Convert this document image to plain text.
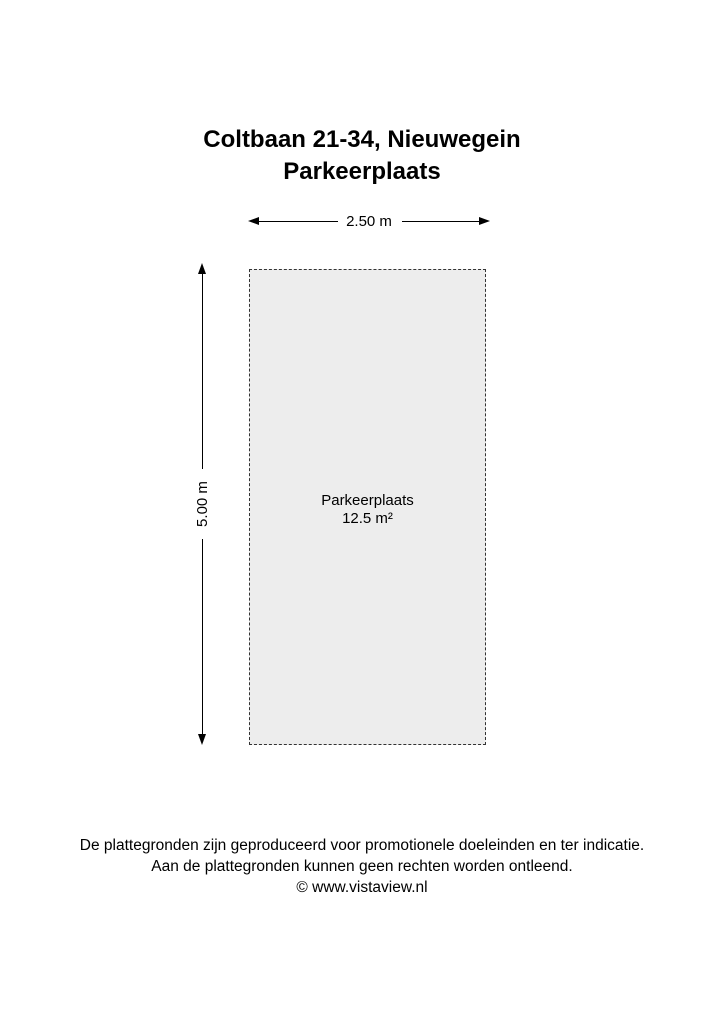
Coltbaan 21-34, Nieuwegein
Parkeerplaats
2.50 m
5.00 m	Parkeerplaats
12.5 m²
De plattegronden zijn geproduceerd voor promotionele doeleinden en ter indicatie.
Aan de plattegronden kunnen geen rechten worden ontleend.
© www.vistaview.nl
